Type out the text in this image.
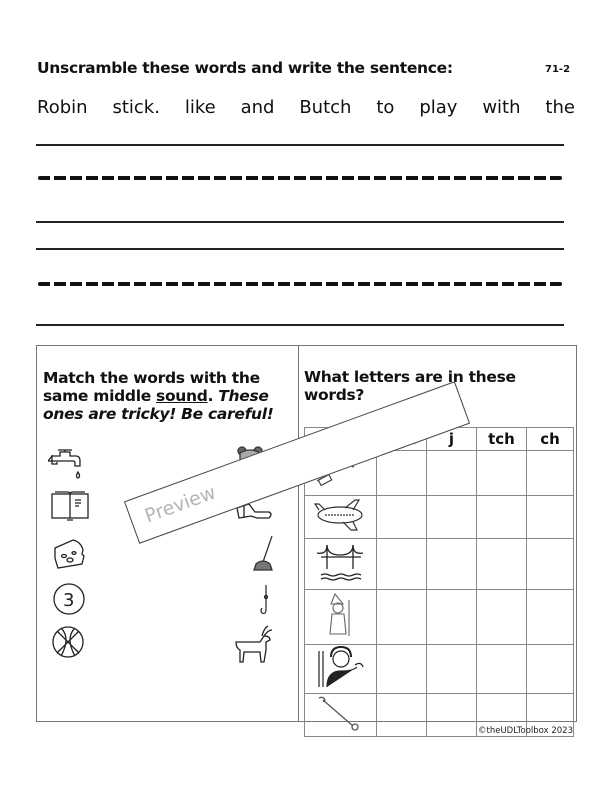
Unscramble these words and write the sentence:	71-2
Robin stick. like and Butch to play with the
Match the words with the same middle sound. These ones are tricky! Be careful!
3
What letters are in these words?
		j	tch	ch

©theUDLToolbox 2023
Preview
